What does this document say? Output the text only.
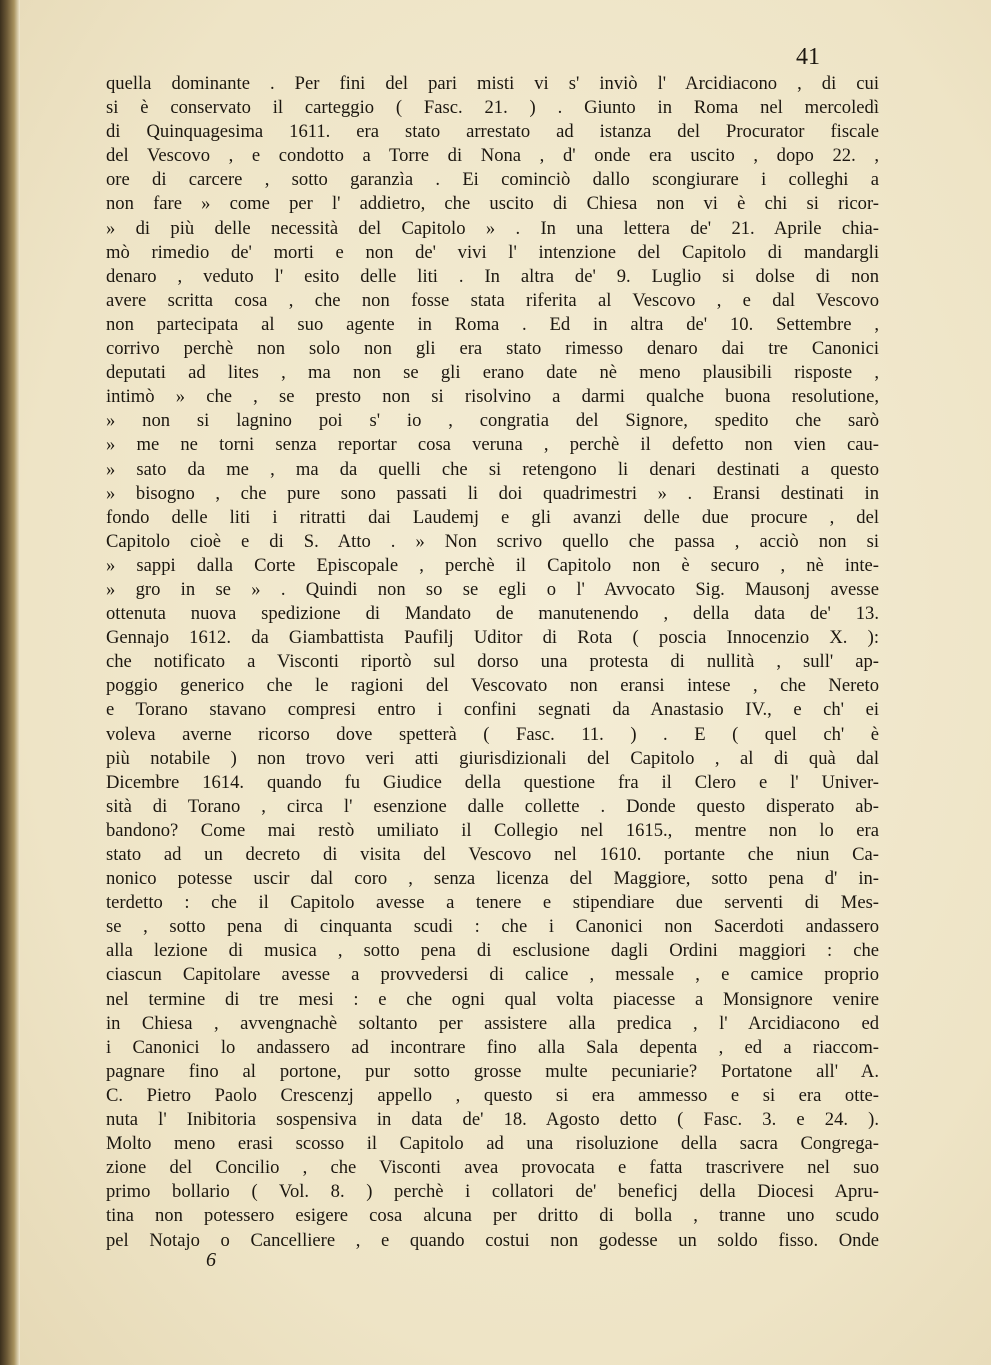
41
quella dominante . Per fini del pari misti vi s' inviò l' Arcidiacono , di cui
si è conservato il carteggio ( Fasc. 21. ) . Giunto in Roma nel mercoledì
di Quinquagesima 1611. era stato arrestato ad istanza del Procurator fiscale
del Vescovo , e condotto a Torre di Nona , d' onde era uscito , dopo 22. ,
ore di carcere , sotto garanzìa . Ei cominciò dallo scongiurare i colleghi a
non fare » come per l' addietro, che uscito di Chiesa non vi è chi si ricor-
» di più delle necessità del Capitolo » . In una lettera de' 21. Aprile chia-
mò rimedio de' morti e non de' vivi l' intenzione del Capitolo di mandargli
denaro , veduto l' esito delle liti . In altra de' 9. Luglio si dolse di non
avere scritta cosa , che non fosse stata riferita al Vescovo , e dal Vescovo
non partecipata al suo agente in Roma . Ed in altra de' 10. Settembre ,
corrivo perchè non solo non gli era stato rimesso denaro dai tre Canonici
deputati ad lites , ma non se gli erano date nè meno plausibili risposte ,
intimò » che , se presto non si risolvino a darmi qualche buona resolutione,
» non si lagnino poi s' io , congratia del Signore, spedito che sarò
» me ne torni senza reportar cosa veruna , perchè il defetto non vien cau-
» sato da me , ma da quelli che si retengono li denari destinati a questo
» bisogno , che pure sono passati li doi quadrimestri » . Eransi destinati in
fondo delle liti i ritratti dai Laudemj e gli avanzi delle due procure , del
Capitolo cioè e di S. Atto . » Non scrivo quello che passa , acciò non si
» sappi dalla Corte Episcopale , perchè il Capitolo non è securo , nè inte-
» gro in se » . Quindi non so se egli o l' Avvocato Sig. Mausonj avesse
ottenuta nuova spedizione di Mandato de manutenendo , della data de' 13.
Gennajo 1612. da Giambattista Paufilj Uditor di Rota ( poscia Innocenzio X. ):
che notificato a Visconti riportò sul dorso una protesta di nullità , sull' ap-
poggio generico che le ragioni del Vescovato non eransi intese , che Nereto
e Torano stavano compresi entro i confini segnati da Anastasio IV., e ch' ei
voleva averne ricorso dove spetterà ( Fasc. 11. ) . E ( quel ch' è
più notabile ) non trovo veri atti giurisdizionali del Capitolo , al di quà dal
Dicembre 1614. quando fu Giudice della questione fra il Clero e l' Univer-
sità di Torano , circa l' esenzione dalle collette . Donde questo disperato ab-
bandono? Come mai restò umiliato il Collegio nel 1615., mentre non lo era
stato ad un decreto di visita del Vescovo nel 1610. portante che niun Ca-
nonico potesse uscir dal coro , senza licenza del Maggiore, sotto pena d' in-
terdetto : che il Capitolo avesse a tenere e stipendiare due serventi di Mes-
se , sotto pena di cinquanta scudi : che i Canonici non Sacerdoti andassero
alla lezione di musica , sotto pena di esclusione dagli Ordini maggiori : che
ciascun Capitolare avesse a provvedersi di calice , messale , e camice proprio
nel termine di tre mesi : e che ogni qual volta piacesse a Monsignore venire
in Chiesa , avvengnachè soltanto per assistere alla predica , l' Arcidiacono ed
i Canonici lo andassero ad incontrare fino alla Sala depenta , ed a riaccom-
pagnare fino al portone, pur sotto grosse multe pecuniarie? Portatone all' A.
C. Pietro Paolo Crescenzj appello , questo si era ammesso e si era otte-
nuta l' Inibitoria sospensiva in data de' 18. Agosto detto ( Fasc. 3. e 24. ).
Molto meno erasi scosso il Capitolo ad una risoluzione della sacra Congrega-
zione del Concilio , che Visconti avea provocata e fatta trascrivere nel suo
primo bollario ( Vol. 8. ) perchè i collatori de' beneficj della Diocesi Apru-
tina non potessero esigere cosa alcuna per dritto di bolla , tranne uno scudo
pel Notajo o Cancelliere , e quando costui non godesse un soldo fisso. Onde
6
